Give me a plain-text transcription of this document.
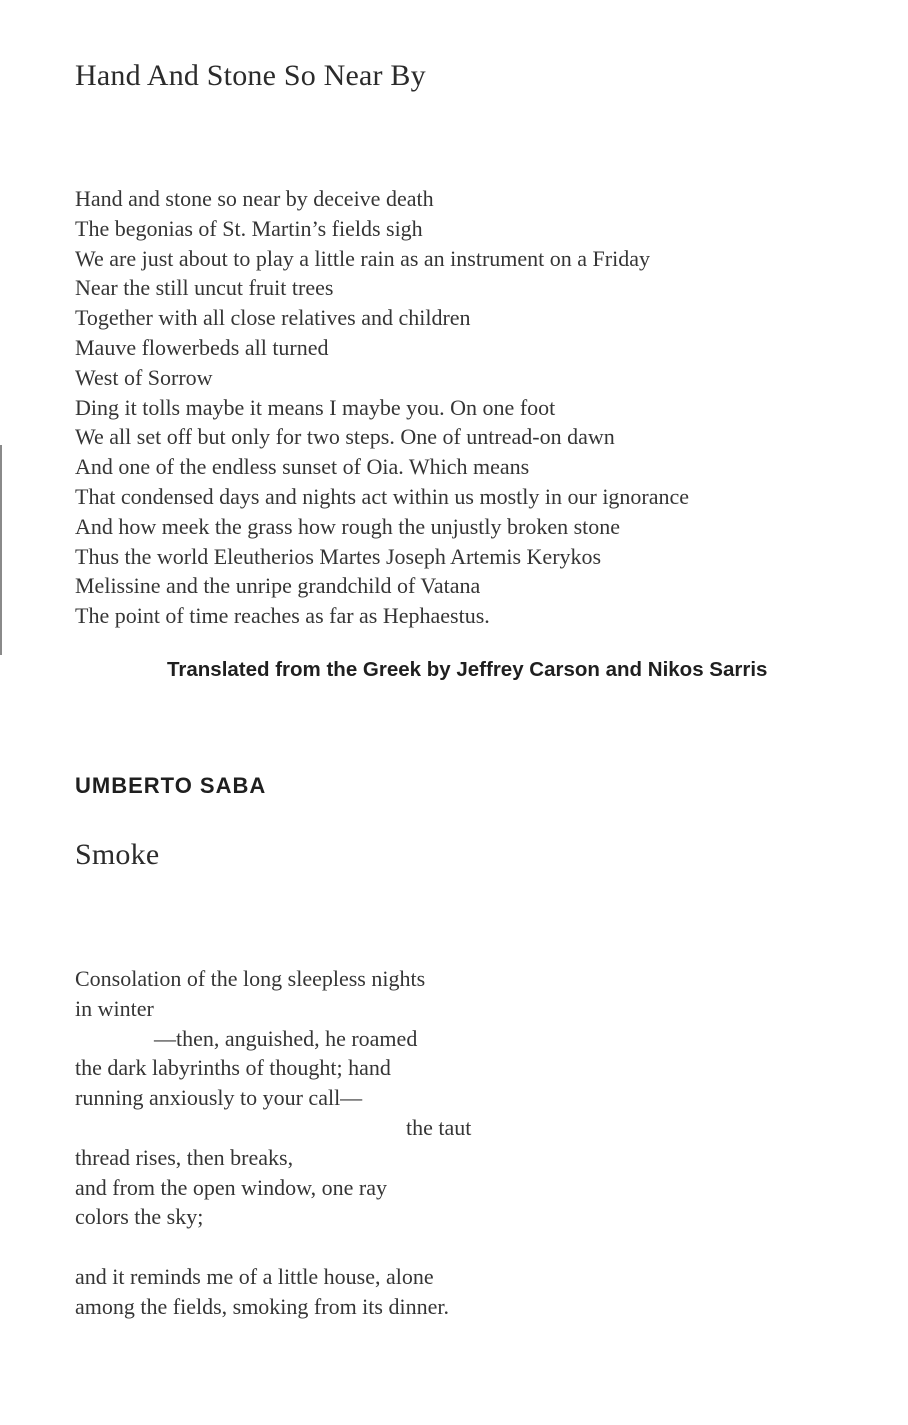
Hand And Stone So Near By
Hand and stone so near by deceive death
The begonias of St. Martin’s fields sigh
We are just about to play a little rain as an instrument on a Friday
Near the still uncut fruit trees
Together with all close relatives and children
Mauve flowerbeds all turned
West of Sorrow
Ding it tolls maybe it means I maybe you. On one foot
We all set off but only for two steps. One of untread-on dawn
And one of the endless sunset of Oia. Which means
That condensed days and nights act within us mostly in our ignorance
And how meek the grass how rough the unjustly broken stone
Thus the world Eleutherios Martes Joseph Artemis Kerykos
Melissine and the unripe grandchild of Vatana
The point of time reaches as far as Hephaestus.
Translated from the Greek by Jeffrey Carson and Nikos Sarris
UMBERTO SABA
Smoke
Consolation of the long sleepless nights
in winter
—then, anguished, he roamed
the dark labyrinths of thought; hand
running anxiously to your call—
the taut
thread rises, then breaks,
and from the open window, one ray
colors the sky;
and it reminds me of a little house, alone
among the fields, smoking from its dinner.
